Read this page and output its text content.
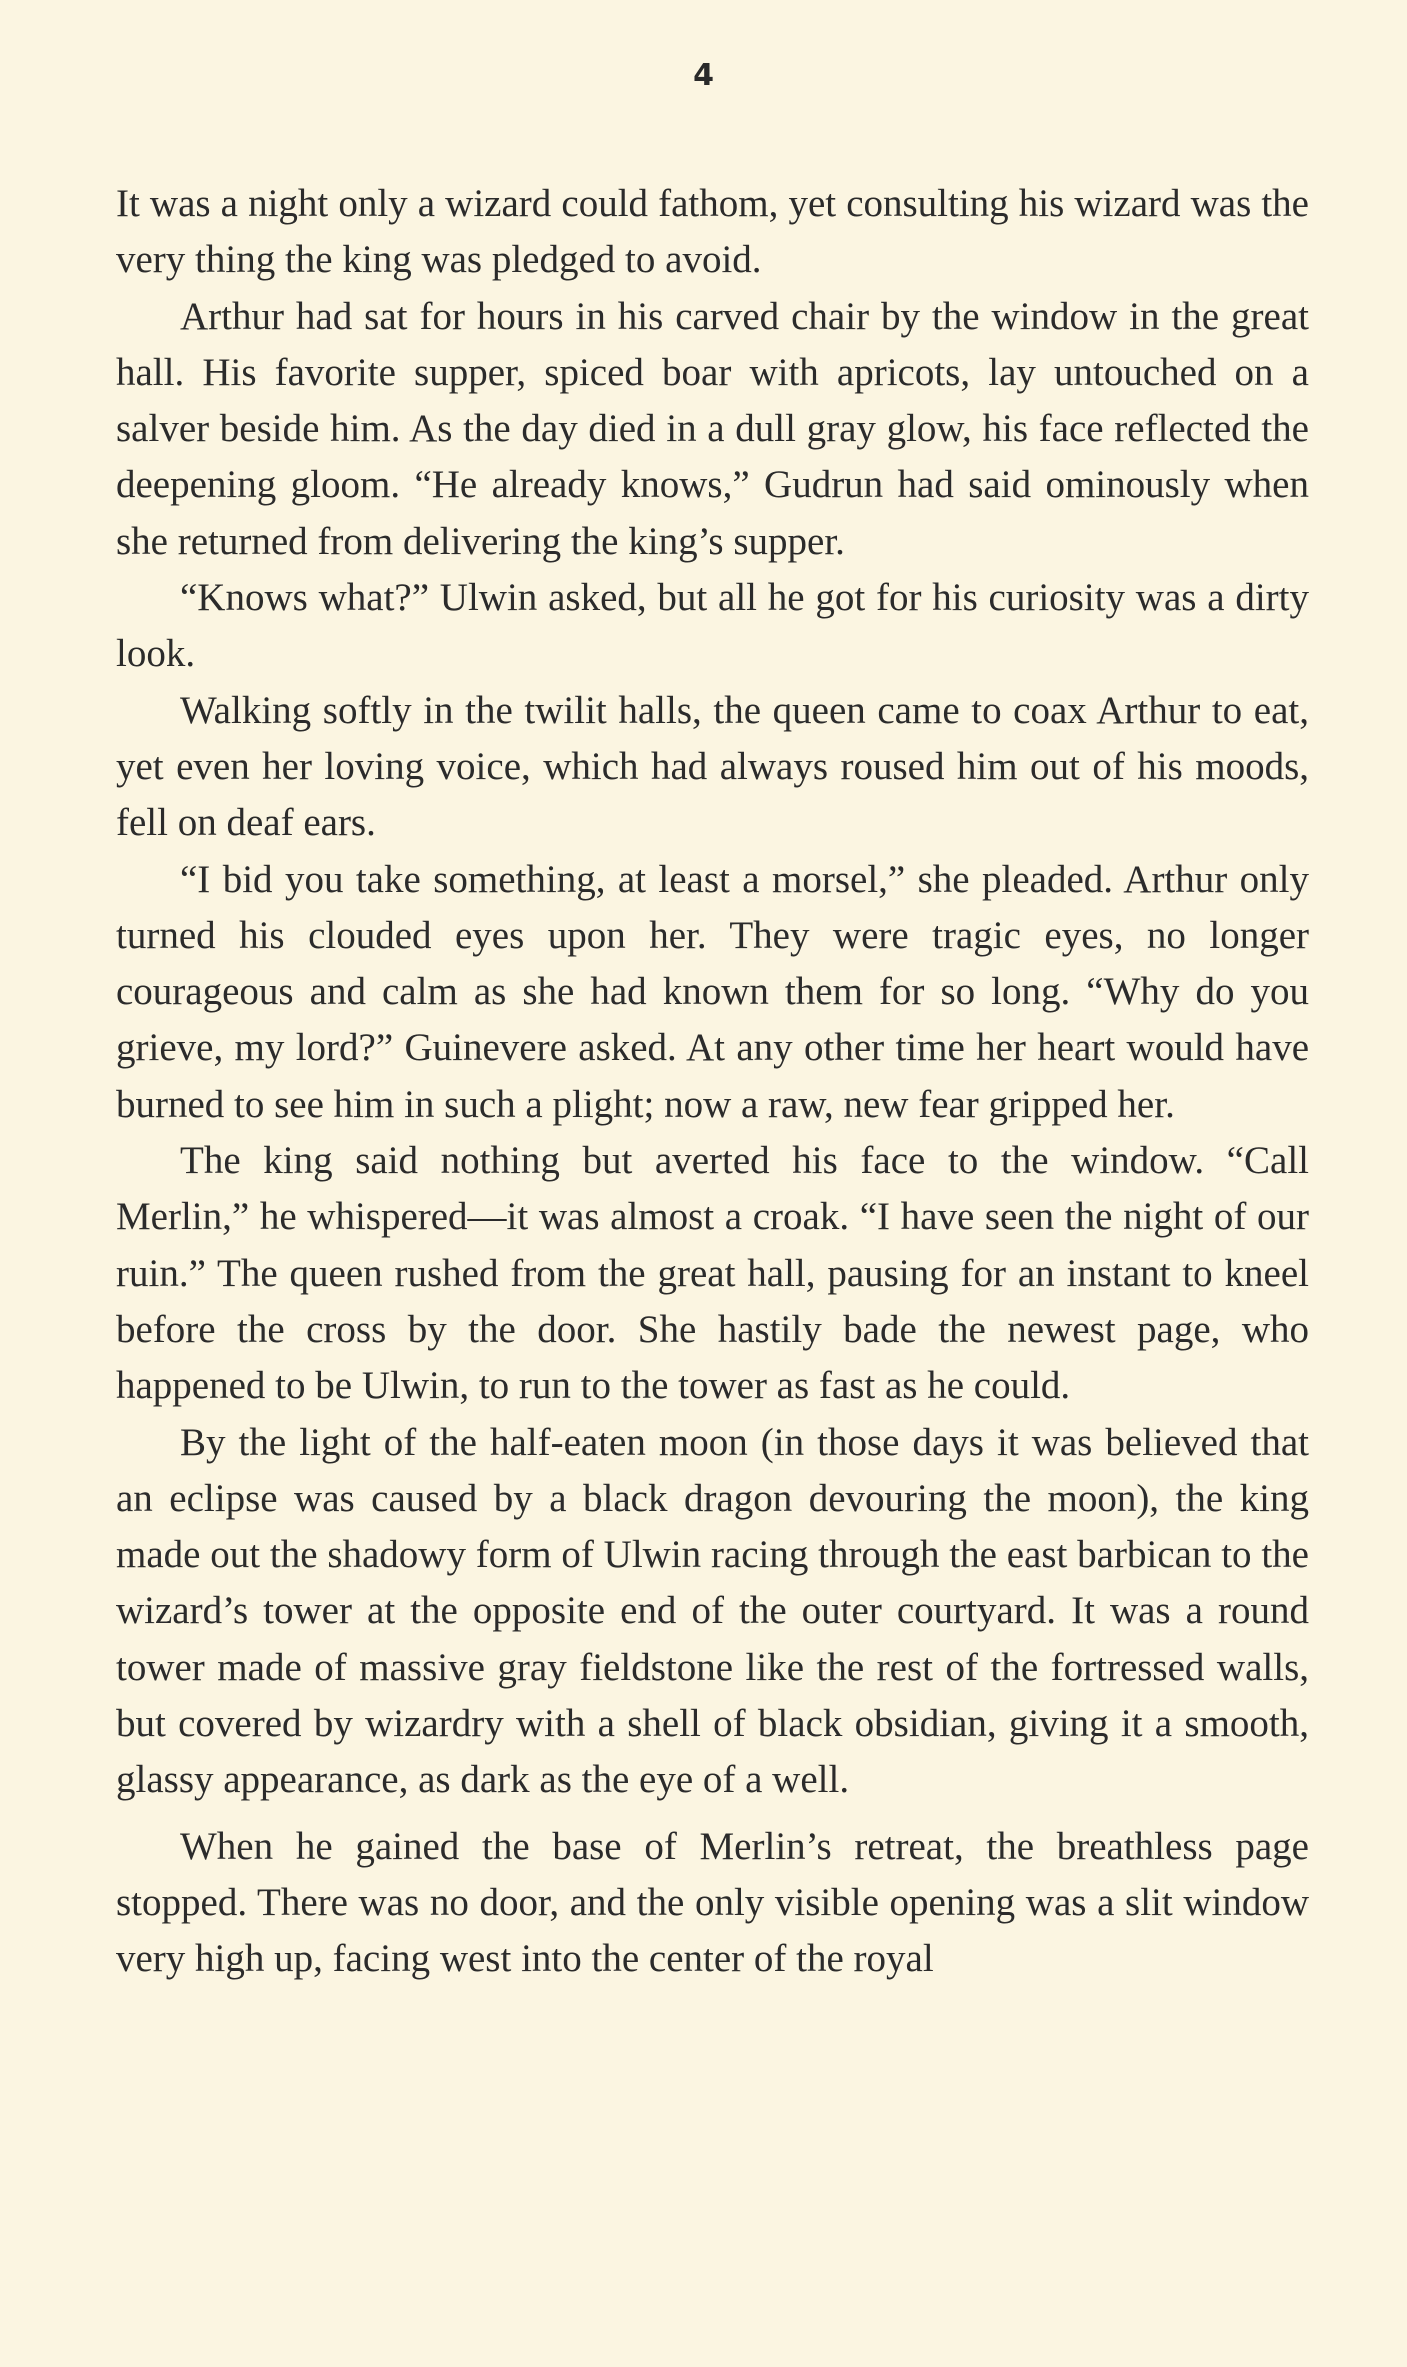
4

It was a night only a wizard could fathom, yet consulting his wizard was the very thing the king was pledged to avoid.

Arthur had sat for hours in his carved chair by the window in the great hall. His favorite supper, spiced boar with apricots, lay untouched on a salver beside him. As the day died in a dull gray glow, his face reflected the deepening gloom. “He already knows,” Gudrun had said ominously when she returned from delivering the king’s supper.

“Knows what?” Ulwin asked, but all he got for his curiosity was a dirty look.

Walking softly in the twilit halls, the queen came to coax Arthur to eat, yet even her loving voice, which had always roused him out of his moods, fell on deaf ears.

“I bid you take something, at least a morsel,” she pleaded. Arthur only turned his clouded eyes upon her. They were tragic eyes, no longer courageous and calm as she had known them for so long. “Why do you grieve, my lord?” Guinevere asked. At any other time her heart would have burned to see him in such a plight; now a raw, new fear gripped her.

The king said nothing but averted his face to the window. “Call Merlin,” he whispered—it was almost a croak. “I have seen the night of our ruin.” The queen rushed from the great hall, pausing for an instant to kneel before the cross by the door. She hastily bade the newest page, who happened to be Ulwin, to run to the tower as fast as he could.

By the light of the half-eaten moon (in those days it was believed that an eclipse was caused by a black dragon devouring the moon), the king made out the shadowy form of Ulwin racing through the east barbican to the wizard’s tower at the opposite end of the outer courtyard. It was a round tower made of massive gray fieldstone like the rest of the fortressed walls, but covered by wizardry with a shell of black obsidian, giving it a smooth, glassy appearance, as dark as the eye of a well.

When he gained the base of Merlin’s retreat, the breathless page stopped. There was no door, and the only visible opening was a slit window very high up, facing west into the center of the royal
